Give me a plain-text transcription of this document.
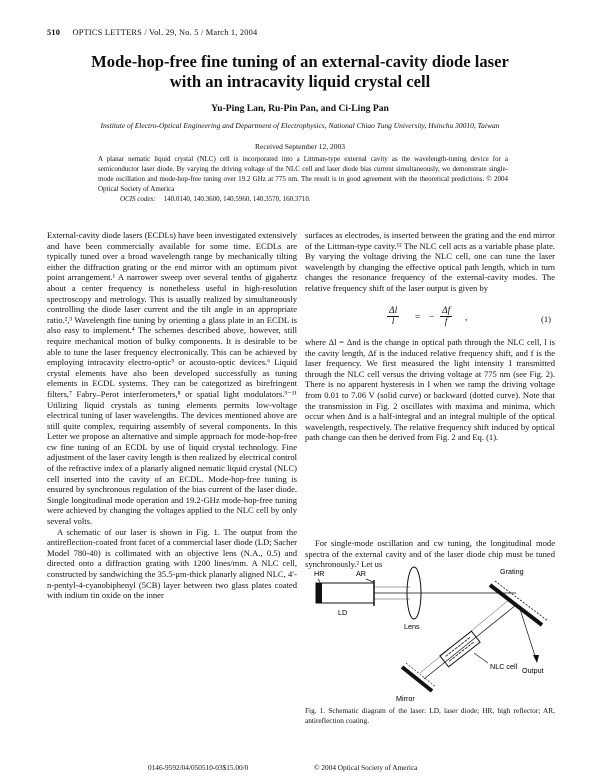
510 OPTICS LETTERS / Vol. 29, No. 5 / March 1, 2004
Mode-hop-free fine tuning of an external-cavity diode laser
with an intracavity liquid crystal cell
Yu-Ping Lan, Ru-Pin Pan, and Ci-Ling Pan
Institute of Electro-Optical Engineering and Department of Electrophysics, National Chiao Tung University, Hsinchu 30010, Taiwan
Received September 12, 2003
A planar nematic liquid crystal (NLC) cell is incorporated into a Littman-type external cavity as the wavelength-tuning device for a semiconductor laser diode. By varying the driving voltage of the NLC cell and laser diode bias current simultaneously, we demonstrate single-mode oscillation and mode-hop-free tuning over 19.2 GHz at 775 nm. The result is in good agreement with the theoretical predictions. © 2004 Optical Society of America
OCIS codes: 140.0140, 140.3600, 140.5960, 140.3570, 160.3710.

External-cavity diode lasers (ECDLs) have been investigated extensively and have been commercially available for some time. ECDLs are typically tuned over a broad wavelength range by mechanically tilting either the diffraction grating or the end mirror with an optimum pivot point arrangement.¹ A narrower sweep over several tenths of gigahertz about a center frequency is nonetheless useful in high-resolution spectroscopy and metrology. This is usually realized by simultaneously controlling the diode laser current and the tilt angle in an appropriate ratio.²,³ Wavelength fine tuning by orienting a glass plate in an ECDL is also easy to implement.⁴ The schemes described above, however, still require mechanical motion of bulky components. It is desirable to be able to tune the laser frequency electronically. This can be achieved by employing intracavity electro-optic⁵ or acousto-optic devices.⁶ Liquid crystal elements have also been developed successfully as tuning elements in ECDL systems. They can be categorized as birefringent filters,⁷ Fabry–Perot interferometers,⁸ or spatial light modulators.⁹⁻¹¹ Utilizing liquid crystals as tuning elements permits low-voltage electrical tuning of laser wavelengths. The devices mentioned above are still quite complex, requiring assembly of several components. In this Letter we propose an alternative and simple approach for mode-hop-free cw fine tuning of an ECDL by use of liquid crystal technology. Fine adjustment of the laser cavity length is then realized by electrical control of the refractive index of a planarly aligned nematic liquid crystal (NLC) cell inserted into the cavity of an ECDL. Mode-hop-free tuning is ensured by synchronous regulation of the bias current of the laser diode. Single longitudinal mode operation and 19.2-GHz mode-hop-free tuning were achieved by changing the voltages applied to the NLC cell by only several volts.

A schematic of our laser is shown in Fig. 1. The output from the antireflection-coated front facet of a commercial laser diode (LD; Sacher Model 780-40) is collimated with an objective lens (N.A., 0.5) and directed onto a diffraction grating with 1200 lines/mm. A NLC cell, constructed by sandwiching the 35.5-μm-thick planarly aligned NLC, 4′-n-pentyl-4-cyanobiphenyl (5CB) layer between two glass plates coated with indium tin oxide on the inner

surfaces as electrodes, is inserted between the grating and the end mirror of the Littman-type cavity.¹² The NLC cell acts as a variable phase plate. By varying the voltage driving the NLC cell, one can tune the laser wavelength by changing the effective optical path length, which in turn changes the resonance frequency of the external-cavity modes. The relative frequency shift of the laser output is given by

$\frac{\Delta l}{l}$ = − $\frac{\Delta f}{f}$ ,	(1)

where Δl = Δnd is the change in optical path through the NLC cell, l is the cavity length, Δf is the induced relative frequency shift, and f is the laser frequency. We first measured the light intensity I transmitted through the NLC cell versus the driving voltage at 775 nm (see Fig. 2). There is no apparent hysteresis in I when we ramp the driving voltage from 0.01 to 7.06 V (solid curve) or backward (dotted curve). Note that the transmission in Fig. 2 oscillates with maxima and minima, which occur when Δnd is a half-integral and an integral multiple of the optical wavelength, respectively. The relative frequency shift induced by optical path change can then be derived from Fig. 2 and Eq. (1).

For single-mode oscillation and cw tuning, the longitudinal mode spectra of the external cavity and of the laser diode chip must be tuned synchronously.² Let us

HR	AR
LD
Lens
Grating
Output
NLC cell
Mirror
Fig. 1. Schematic diagram of the laser: LD, laser diode; HR, high reflector; AR, antireflection coating.
0146-9592/04/050510-03$15.00/0	© 2004 Optical Society of America
